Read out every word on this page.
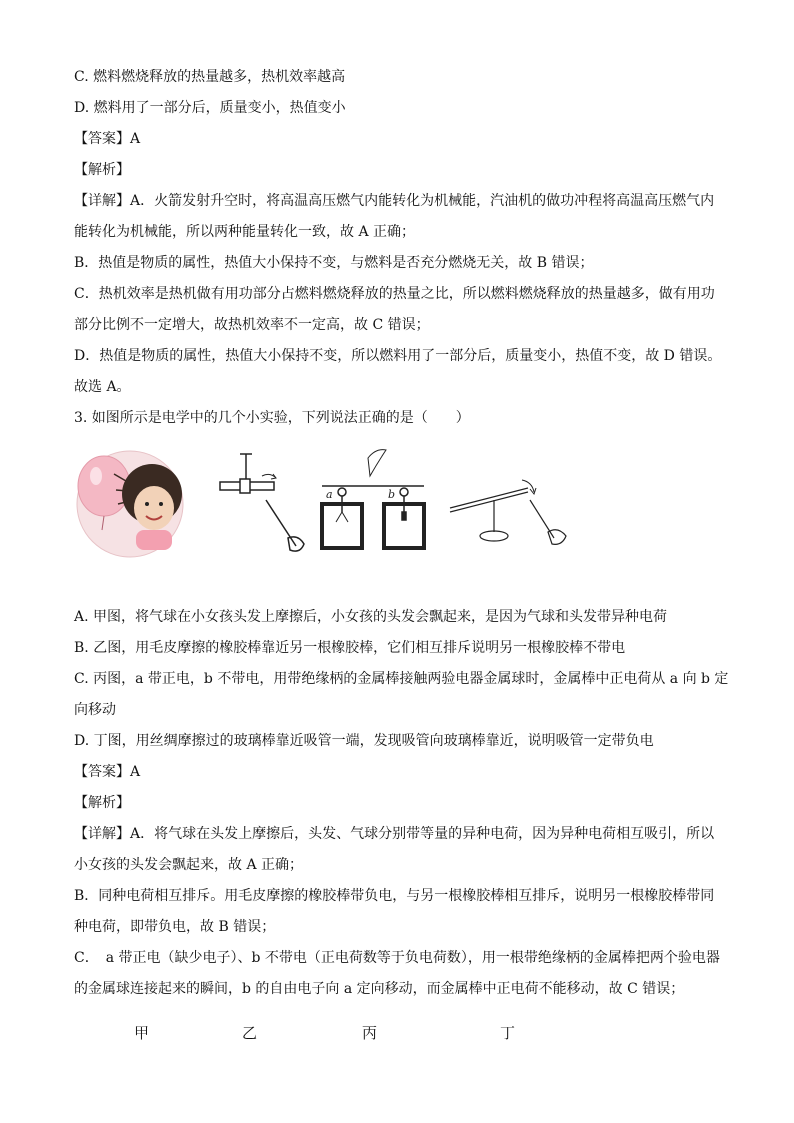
C. 燃料燃烧释放的热量越多，热机效率越高
D. 燃料用了一部分后，质量变小，热值变小
【答案】A
【解析】
【详解】A．火箭发射升空时，将高温高压燃气内能转化为机械能，汽油机的做功冲程将高温高压燃气内
能转化为机械能，所以两种能量转化一致，故 A 正确；
B．热值是物质的属性，热值大小保持不变，与燃料是否充分燃烧无关，故 B 错误；
C．热机效率是热机做有用功部分占燃料燃烧释放的热量之比，所以燃料燃烧释放的热量越多，做有用功
部分比例不一定增大，故热机效率不一定高，故 C 错误；
D．热值是物质的属性，热值大小保持不变，所以燃料用了一部分后，质量变小，热值不变，故 D 错误。
故选 A。
3. 如图所示是电学中的几个小实验，下列说法正确的是（　　）
a	b
甲	乙	丙	丁
A. 甲图，将气球在小女孩头发上摩擦后，小女孩的头发会飘起来，是因为气球和头发带异种电荷
B. 乙图，用毛皮摩擦的橡胶棒靠近另一根橡胶棒，它们相互排斥说明另一根橡胶棒不带电
C. 丙图，a 带正电，b 不带电，用带绝缘柄的金属棒接触两验电器金属球时，金属棒中正电荷从 a 向 b 定
向移动
D. 丁图，用丝绸摩擦过的玻璃棒靠近吸管一端，发现吸管向玻璃棒靠近，说明吸管一定带负电
【答案】A
【解析】
【详解】A．将气球在头发上摩擦后，头发、气球分别带等量的异种电荷，因为异种电荷相互吸引，所以
小女孩的头发会飘起来，故 A 正确；
B．同种电荷相互排斥。用毛皮摩擦的橡胶棒带负电，与另一根橡胶棒相互排斥，说明另一根橡胶棒带同
种电荷，即带负电，故 B 错误；
C．　a 带正电（缺少电子）、b 不带电（正电荷数等于负电荷数），用一根带绝缘柄的金属棒把两个验电器
的金属球连接起来的瞬间，b 的自由电子向 a 定向移动，而金属棒中正电荷不能移动，故 C 错误；
